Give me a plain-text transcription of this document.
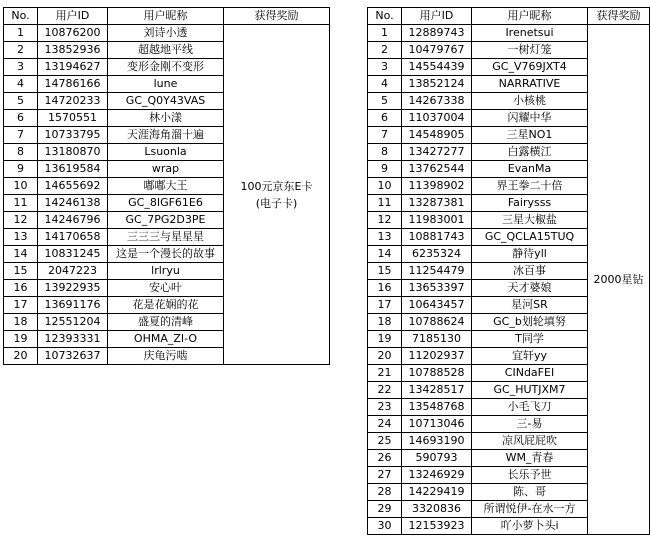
No.	用户ID	用户昵称	获得奖励
1	10876200	刘诗小透	100元京东E卡
(电子卡)

2	13852936	超越地平线	
3	13194627	变形金刚不变形	
4	14786166	lune	
5	14720233	GC_Q0Y43VAS	
6	1570551	林小漾	
7	10733795	天涯海角溜十遍	
8	13180870	Lsuonla	
9	13619584	wrap	
10	14655692	嘟嘟大王	
11	14246138	GC_8IGF61E6	
12	14246796	GC_7PG2D3PE	
13	14170658	三三三与星星星	
14	10831245	这是一个漫长的故事	
15	2047223	lrlryu	
16	13922935	安心叶	
17	13691176	花是花娴的花	
18	12551204	盛夏的清峰	
19	12393331	OHMA_ZI-O	
20	10732637	庆龟污啮	
No.	用户ID	用户昵称	获得奖励
1	12889743	Irenetsui	2000星钻

2	10479767	一树灯笼	
3	14554439	GC_V769JXT4	
4	13852124	NARRATIVE	
5	14267338	小核桃	
6	11037004	闪耀中华	
7	14548905	三星NO1	
8	13427277	白露横江	
9	13762544	EvanMa	
10	11398902	界王拳二十倍	
11	13287381	Fairysss	
12	11983001	三星大椒盐	
13	10881743	GC_QCLA15TUQ	
14	6235324	静待yll	
15	11254479	冰百事	
16	13653397	天才婆娘	
17	10643457	星河SR	
18	10788624	GC_b划轮填努	
19	7185130	T同学	
20	11202937	宜轩yy	
21	10788528	CINdaFEI	
22	13428517	GC_HUTJXM7	
23	13548768	小毛飞刀	
24	10713046	三-易	
25	14693190	凉风屁屁吹	
26	590793	WM_青春	
27	13246929	长乐予世	
28	14229419	陈、哥	
29	3320836	所谓悦伊-在水一方	
30	12153923	吖小萝卜头i	
